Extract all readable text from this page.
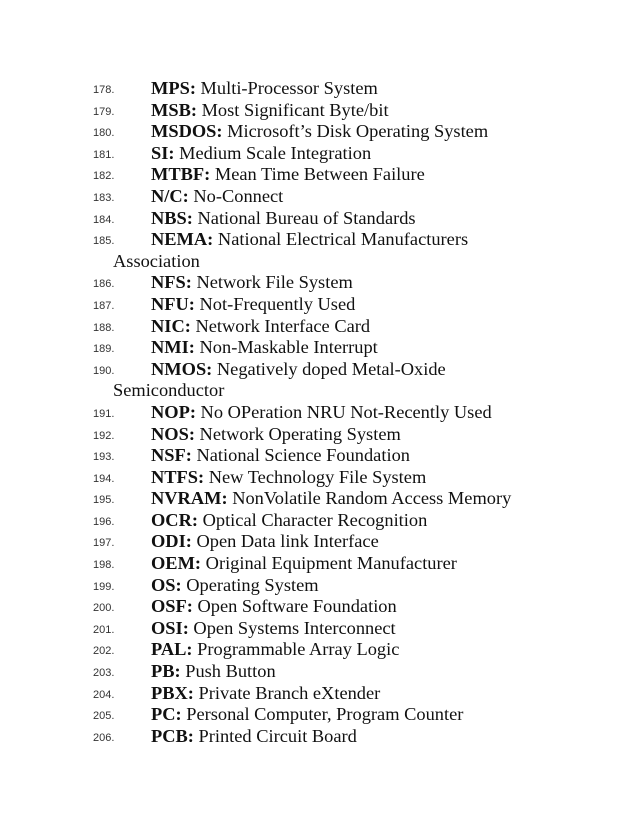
178.	MPS: Multi-Processor System
179.	MSB: Most Significant Byte/bit
180.	MSDOS: Microsoft’s Disk Operating System
181.	SI: Medium Scale Integration
182.	MTBF: Mean Time Between Failure
183.	N/C: No-Connect
184.	NBS: National Bureau of Standards
185.	NEMA: National Electrical Manufacturers Association
186.	NFS: Network File System
187.	NFU: Not-Frequently Used
188.	NIC: Network Interface Card
189.	NMI: Non-Maskable Interrupt
190.	NMOS: Negatively doped Metal-Oxide Semiconductor
191.	NOP: No OPeration NRU Not-Recently Used
192.	NOS: Network Operating System
193.	NSF: National Science Foundation
194.	NTFS: New Technology File System
195.	NVRAM: NonVolatile Random Access Memory
196.	OCR: Optical Character Recognition
197.	ODI: Open Data link Interface
198.	OEM: Original Equipment Manufacturer
199.	OS: Operating System
200.	OSF: Open Software Foundation
201.	OSI: Open Systems Interconnect
202.	PAL: Programmable Array Logic
203.	PB: Push Button
204.	PBX: Private Branch eXtender
205.	PC: Personal Computer, Program Counter
206.	PCB: Printed Circuit Board
